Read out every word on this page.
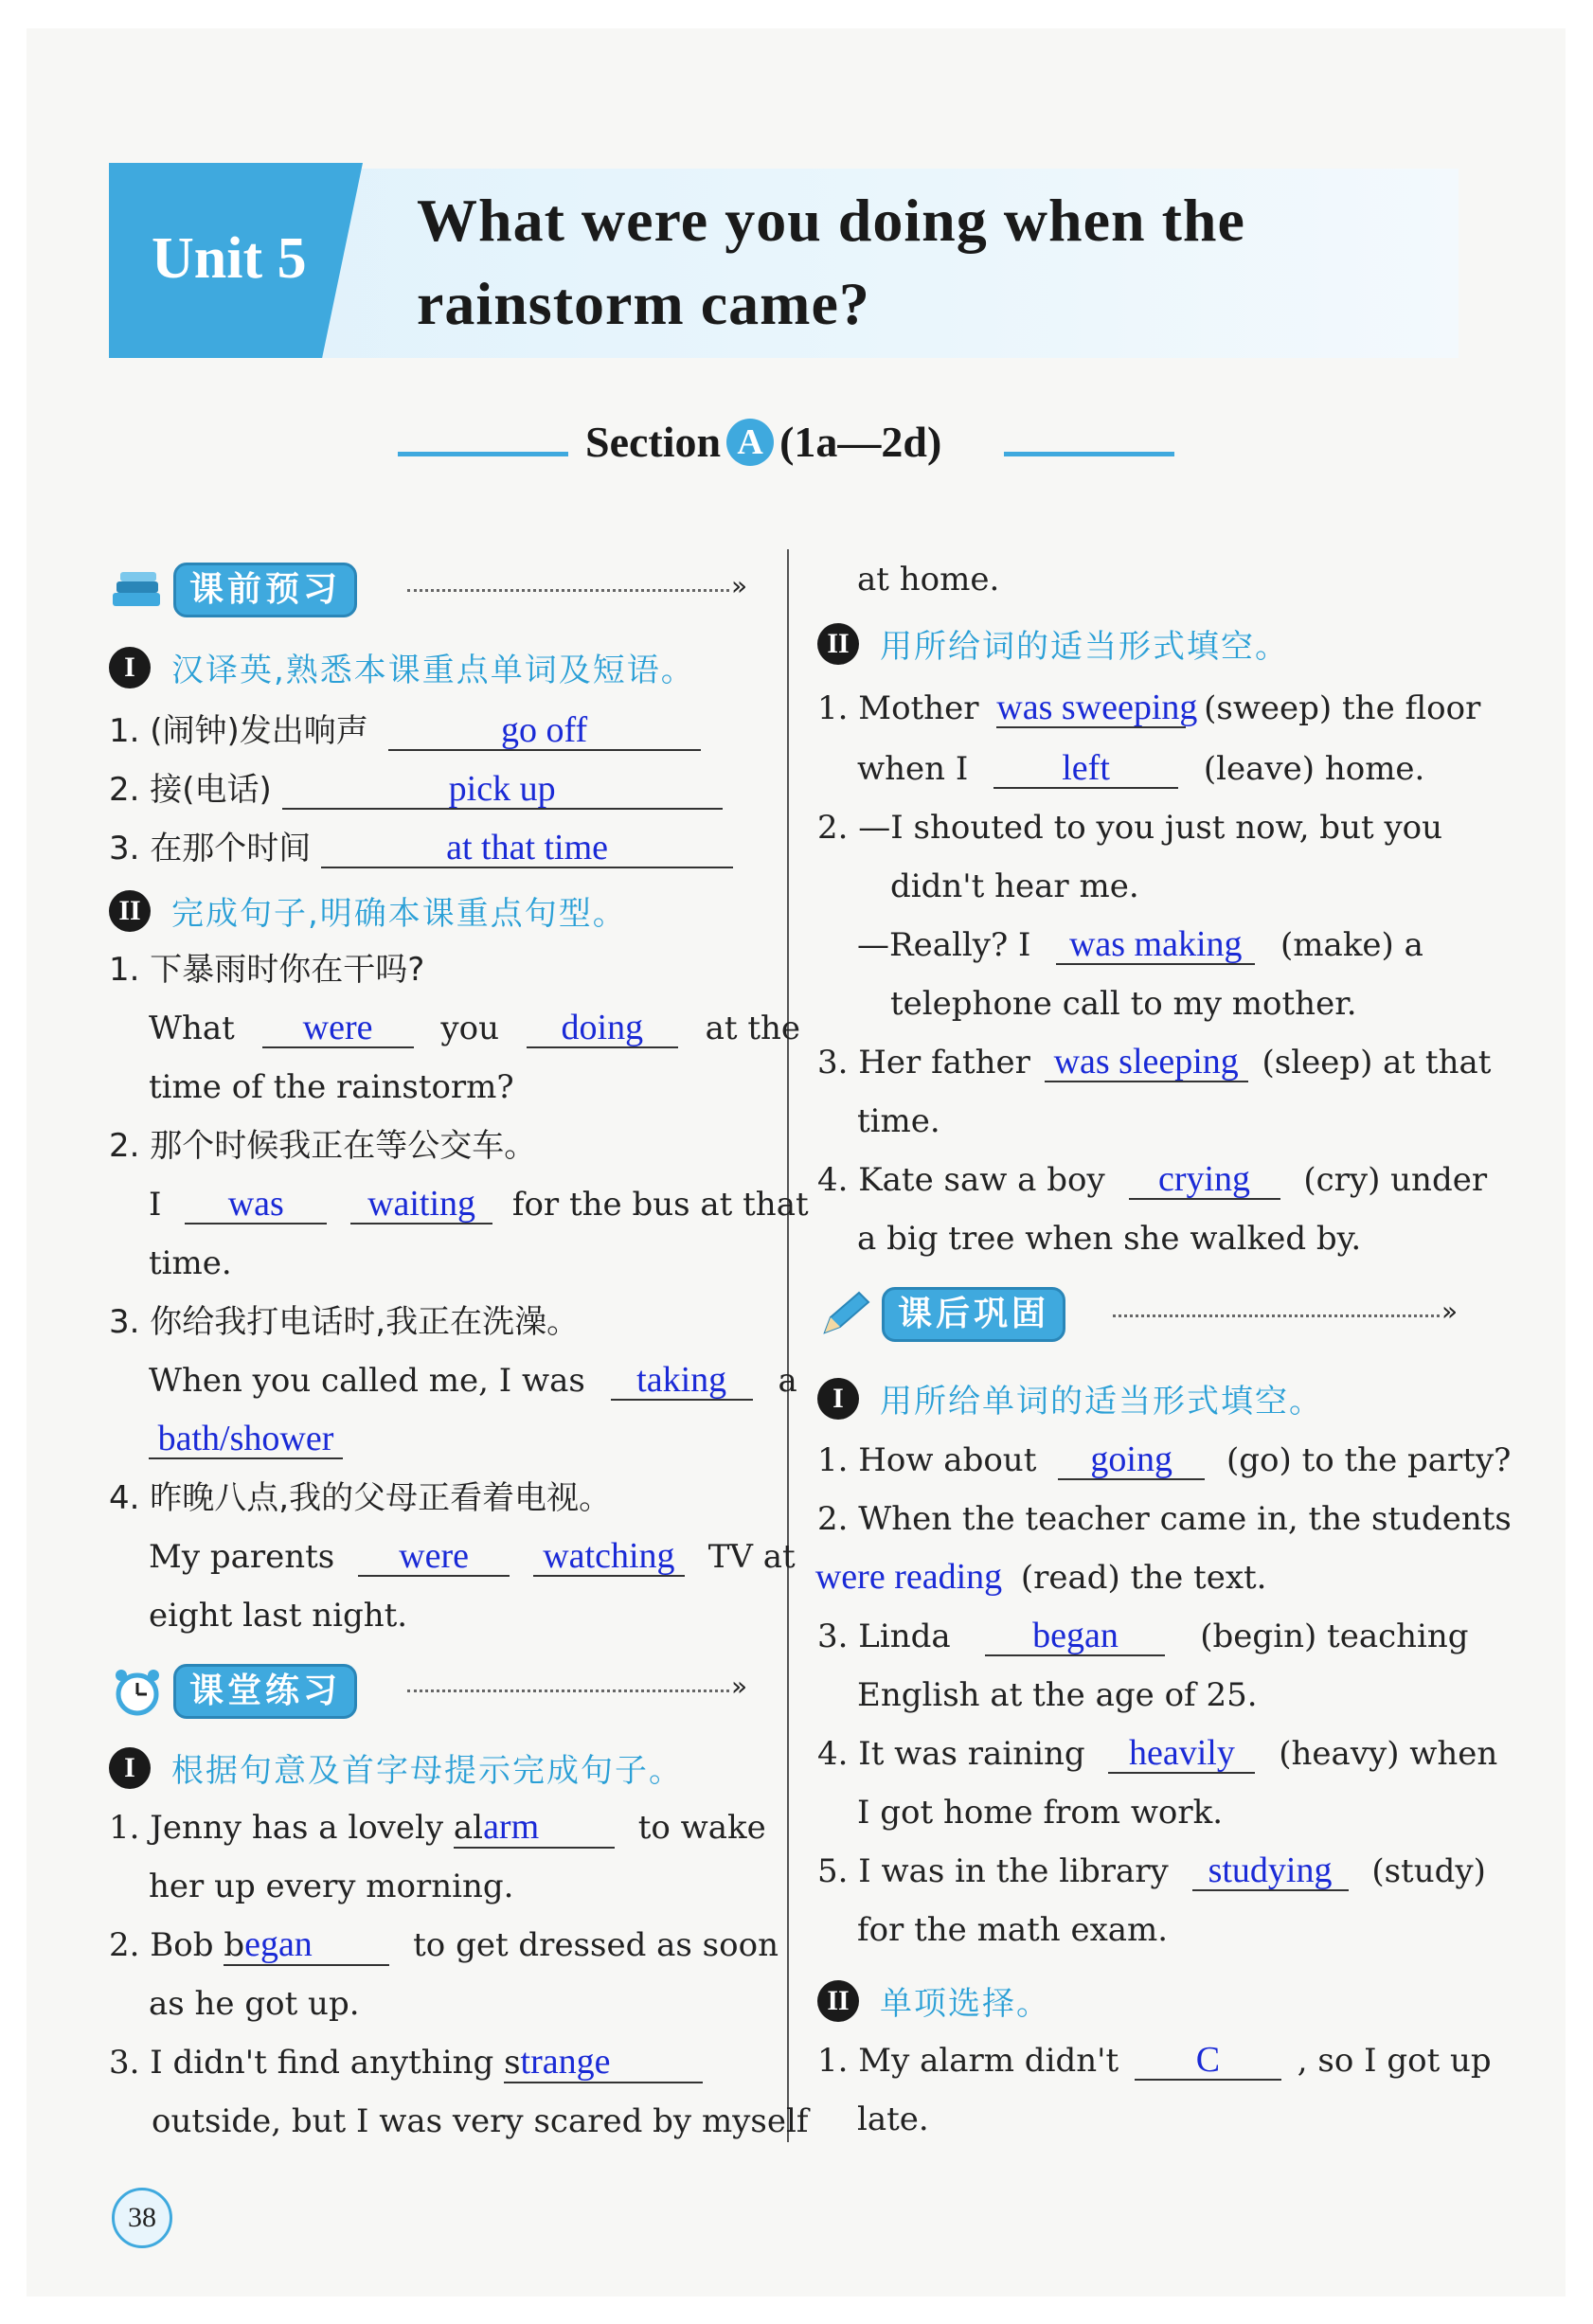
Unit 5
What were you doing when the
rainstorm came?
Section A (1a—2d)
课前预习	»
I	汉译英,熟悉本课重点单词及短语。
1. (闹钟)发出响声	go off
2. 接(电话)	pick up
3. 在那个时间	at that time
II 完成句子,明确本课重点句型。
1. 下暴雨时你在干吗?
What were you doing at the
time of the rainstorm?
2. 那个时候我正在等公交车。
I was waiting for the bus at that
time.
3. 你给我打电话时,我正在洗澡。
When you called me, I was taking a
bath/shower
4. 昨晚八点,我的父母正看着电视。
My parents were watching TV at
eight last night.
课堂练习	»
I	根据句意及首字母提示完成句子。
1. Jenny has a lovely alarm	to wake
her up every morning.
2. Bob began	to get dressed as soon
as he got up.
3. I didn't find anything strange
outside, but I was very scared by myself
at home.
II 用所给词的适当形式填空。
1. Mother was sweeping (sweep) the floor
when I	left	(leave) home.
2. —I shouted to you just now, but you
didn't hear me.
—Really? I was making (make) a
telephone call to my mother.
3. Her father was sleeping (sleep) at that
time.
4. Kate saw a boy crying (cry) under
a big tree when she walked by.
课后巩固	»
I	用所给单词的适当形式填空。
1. How about going (go) to the party?
2. When the teacher came in, the students
were reading (read) the text.
3. Linda began	(begin) teaching
English at the age of 25.
4. It was raining heavily (heavy) when
I got home from work.
5. I was in the library studying (study)
for the math exam.
II 单项选择。
1. My alarm didn't C , so I got up
late.
38
